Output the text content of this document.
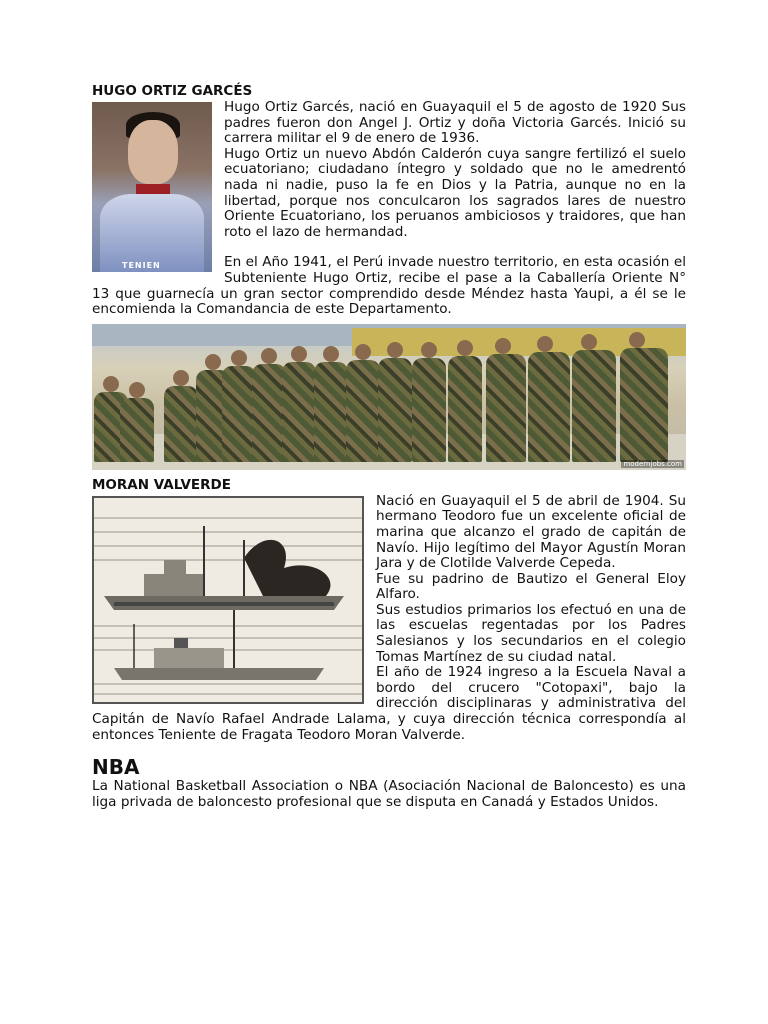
HUGO ORTIZ GARCÉS
TENIEN

Hugo Ortiz Garcés, nació en Guayaquil el 5 de agosto de 1920 Sus padres fueron don Angel J. Ortiz y doña Victoria Garcés. Inició su carrera militar el 9 de enero de 1936.

Hugo Ortiz un nuevo Abdón Calderón cuya sangre fertilizó el suelo ecuatoriano; ciudadano íntegro y soldado que no le amedrentó nada ni nadie, puso la fe en Dios y la Patria, aunque no en la libertad, porque nos conculcaron los sagrados lares de nuestro Oriente Ecuatoriano, los peruanos ambiciosos y traidores, que han roto el lazo de hermandad.

En el Año 1941, el Perú invade nuestro territorio, en esta ocasión el Subteniente Hugo Ortiz, recibe el pase a la Caballería Oriente N° 13 que guarnecía un gran sector comprendido desde Méndez hasta Yaupi, a él se le encomienda la Comandancia de este Departamento.

modernjobs.com
MORAN VALVERDE

Nació en Guayaquil el 5 de abril de 1904. Su hermano Teodoro fue un excelente oficial de marina que alcanzo el grado de capitán de Navío. Hijo legítimo del Mayor Agustín Moran Jara y de Clotilde Valverde Cepeda.

Fue su padrino de Bautizo el General Eloy Alfaro.

Sus estudios primarios los efectuó en una de las escuelas regentadas por los Padres Salesianos y los secundarios en el colegio Tomas Martínez de su ciudad natal.

El año de 1924 ingreso a la Escuela Naval a bordo del crucero "Cotopaxi", bajo la dirección disciplinaras y administrativa del Capitán de Navío Rafael Andrade Lalama, y cuya dirección técnica correspondía al entonces Teniente de Fragata Teodoro Moran Valverde.

NBA

La National Basketball Association o NBA (Asociación Nacional de Baloncesto) es una liga privada de baloncesto profesional que se disputa en Canadá y Estados Unidos.
